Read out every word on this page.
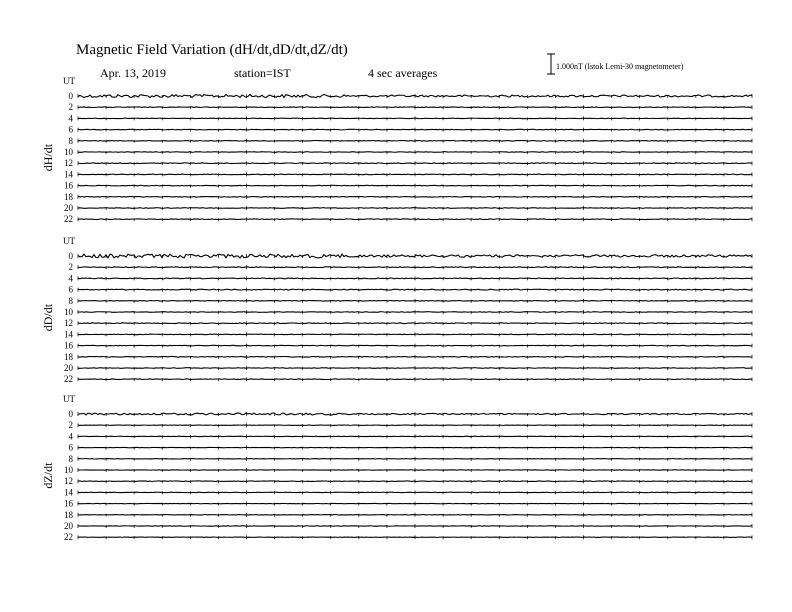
Magnetic Field Variation (dH/dt,dD/dt,dZ/dt)
Apr. 13, 2019	station=IST	4 sec averages	1.000nT (Istok Lemi-30 magnetometer)
UT
dH/dt
0
2
4
6
8
10
12
14
16
18
20
22
UT
dD/dt
0
2
4
6
8
10
12
14
16
18
20
22
UT
dZ/dt
0
2
4
6
8
10
12
14
16
18
20
22
